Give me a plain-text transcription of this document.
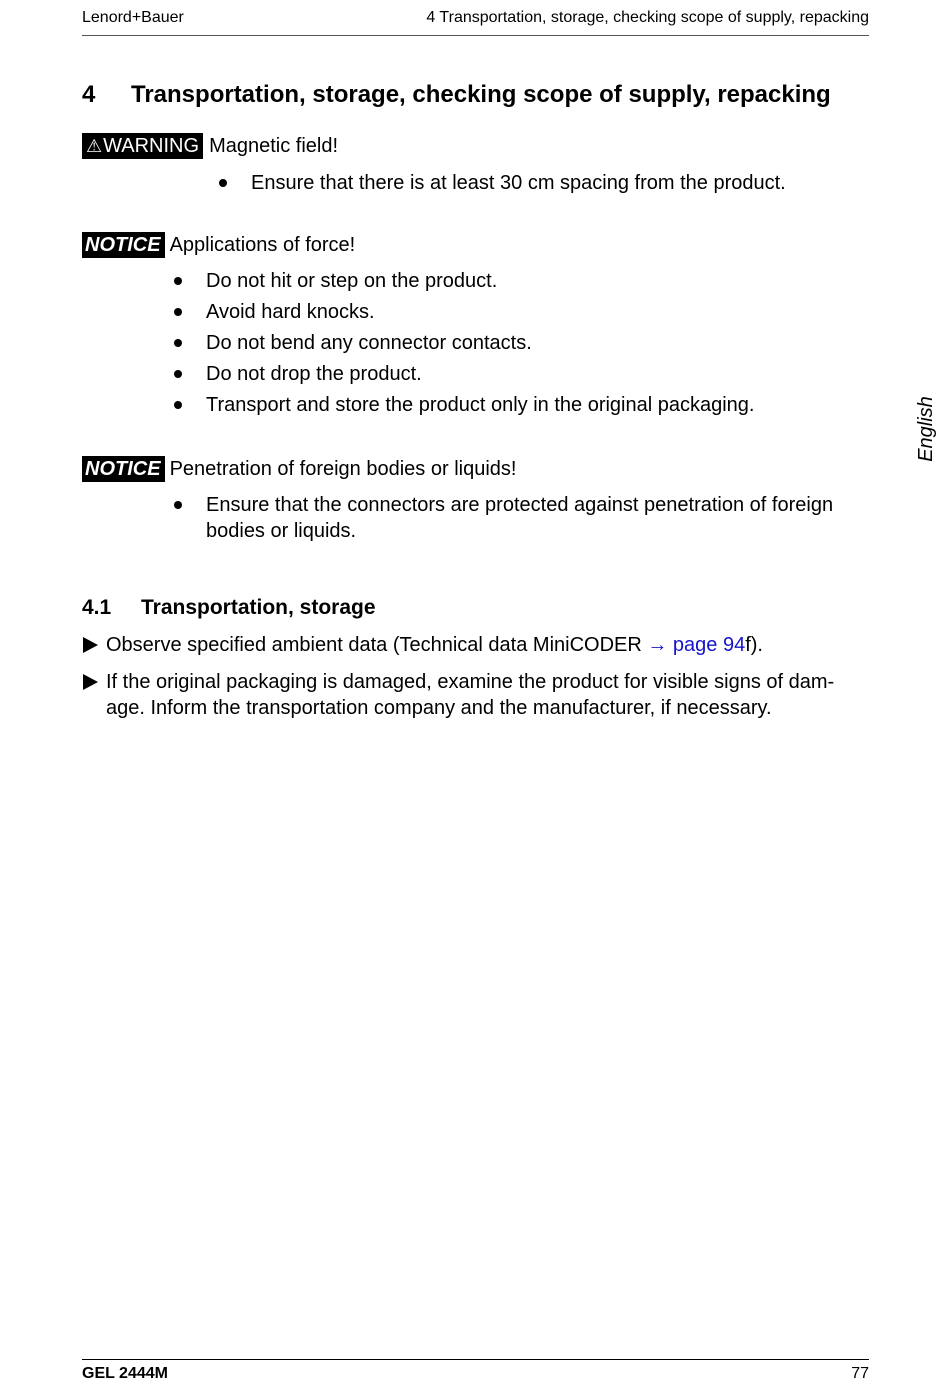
Lenord+Bauer	4 Transportation, storage, checking scope of supply, repacking
4 Transportation, storage, checking scope of supply, repacking
⚠WARNING Magnetic field!
Ensure that there is at least 30 cm spacing from the product.
NOTICE Applications of force!
Do not hit or step on the product.
Avoid hard knocks.
Do not bend any connector contacts.
Do not drop the product.
Transport and store the product only in the original packaging.
NOTICE Penetration of foreign bodies or liquids!
Ensure that the connectors are protected against penetration of foreign bodies or liquids.
4.1 Transportation, storage
Observe specified ambient data (Technical data MiniCODER → page 94f).
If the original packaging is damaged, examine the product for visible signs of dam-age. Inform the transportation company and the manufacturer, if necessary.
English
GEL 2444M	77
